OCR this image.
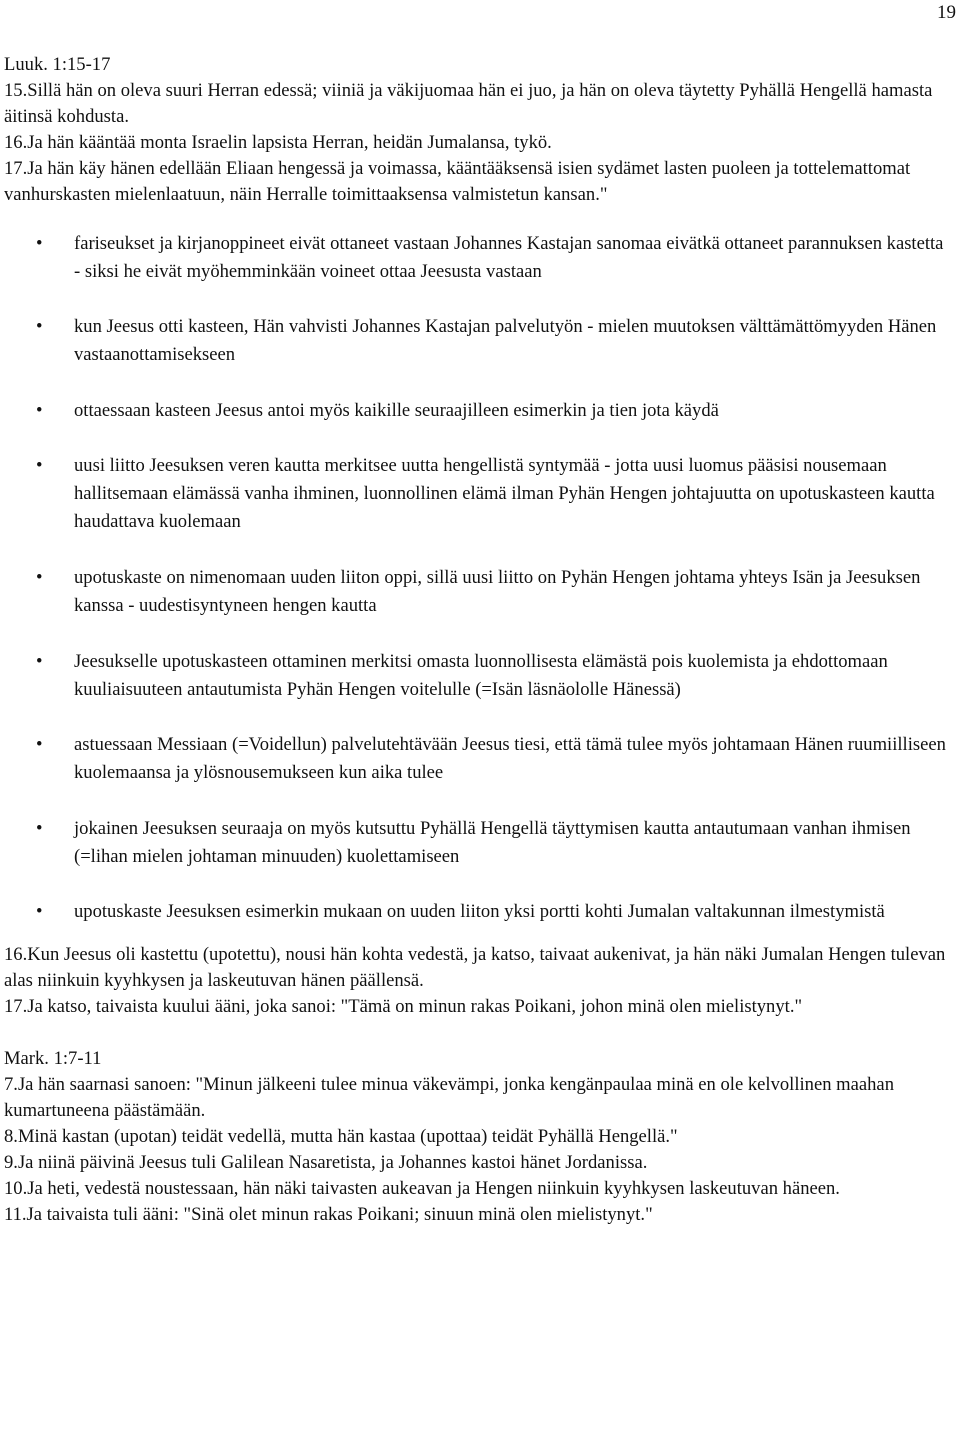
19
Luuk. 1:15-17
15.Sillä hän on oleva suuri Herran edessä; viiniä ja väkijuomaa hän ei juo, ja hän on oleva täytetty Pyhällä Hengellä hamasta äitinsä kohdusta.
16.Ja hän kääntää monta Israelin lapsista Herran, heidän Jumalansa, tykö.
17.Ja hän käy hänen edellään Eliaan hengessä ja voimassa, kääntääksensä isien sydämet lasten puoleen ja tottelemattomat vanhurskasten mielenlaatuun, näin Herralle toimittaaksensa valmistetun kansan."
• fariseukset ja kirjanoppineet eivät ottaneet vastaan Johannes Kastajan sanomaa eivätkä ottaneet parannuksen kastetta - siksi he eivät myöhemminkään voineet ottaa Jeesusta vastaan
• kun Jeesus otti kasteen, Hän vahvisti Johannes Kastajan palvelutyön - mielen muutoksen välttämättömyyden Hänen vastaanottamisekseen
• ottaessaan kasteen Jeesus antoi myös kaikille seuraajilleen esimerkin ja tien jota käydä
• uusi liitto Jeesuksen veren kautta merkitsee uutta hengellistä syntymää - jotta uusi luomus pääsisi nousemaan hallitsemaan elämässä vanha ihminen, luonnollinen elämä ilman Pyhän Hengen johtajuutta on upotuskasteen kautta haudattava kuolemaan
• upotuskaste on nimenomaan uuden liiton oppi, sillä uusi liitto on Pyhän Hengen johtama yhteys Isän ja Jeesuksen kanssa - uudestisyntyneen hengen kautta
• Jeesukselle upotuskasteen ottaminen merkitsi omasta luonnollisesta elämästä pois kuolemista ja ehdottomaan kuuliaisuuteen antautumista Pyhän Hengen voitelulle (=Isän läsnäololle Hänessä)
• astuessaan Messiaan (=Voidellun) palvelutehtävään Jeesus tiesi, että tämä tulee myös johtamaan Hänen ruumiilliseen kuolemaansa ja ylösnousemukseen kun aika tulee
• jokainen Jeesuksen seuraaja on myös kutsuttu Pyhällä Hengellä täyttymisen kautta antautumaan vanhan ihmisen (=lihan mielen johtaman minuuden) kuolettamiseen
• upotuskaste Jeesuksen esimerkin mukaan on uuden liiton yksi portti kohti Jumalan valtakunnan ilmestymistä
16.Kun Jeesus oli kastettu (upotettu), nousi hän kohta vedestä, ja katso, taivaat aukenivat, ja hän näki Jumalan Hengen tulevan alas niinkuin kyyhkysen ja laskeutuvan hänen päällensä.
17.Ja katso, taivaista kuului ääni, joka sanoi: "Tämä on minun rakas Poikani, johon minä olen mielistynyt."
Mark. 1:7-11
7.Ja hän saarnasi sanoen: "Minun jälkeeni tulee minua väkevämpi, jonka kengänpaulaa minä en ole kelvollinen maahan kumartuneena päästämään.
8.Minä kastan (upotan) teidät vedellä, mutta hän kastaa (upottaa) teidät Pyhällä Hengellä."
9.Ja niinä päivinä Jeesus tuli Galilean Nasaretista, ja Johannes kastoi hänet Jordanissa.
10.Ja heti, vedestä noustessaan, hän näki taivasten aukeavan ja Hengen niinkuin kyyhkysen laskeutuvan häneen.
11.Ja taivaista tuli ääni: "Sinä olet minun rakas Poikani; sinuun minä olen mielistynyt."
